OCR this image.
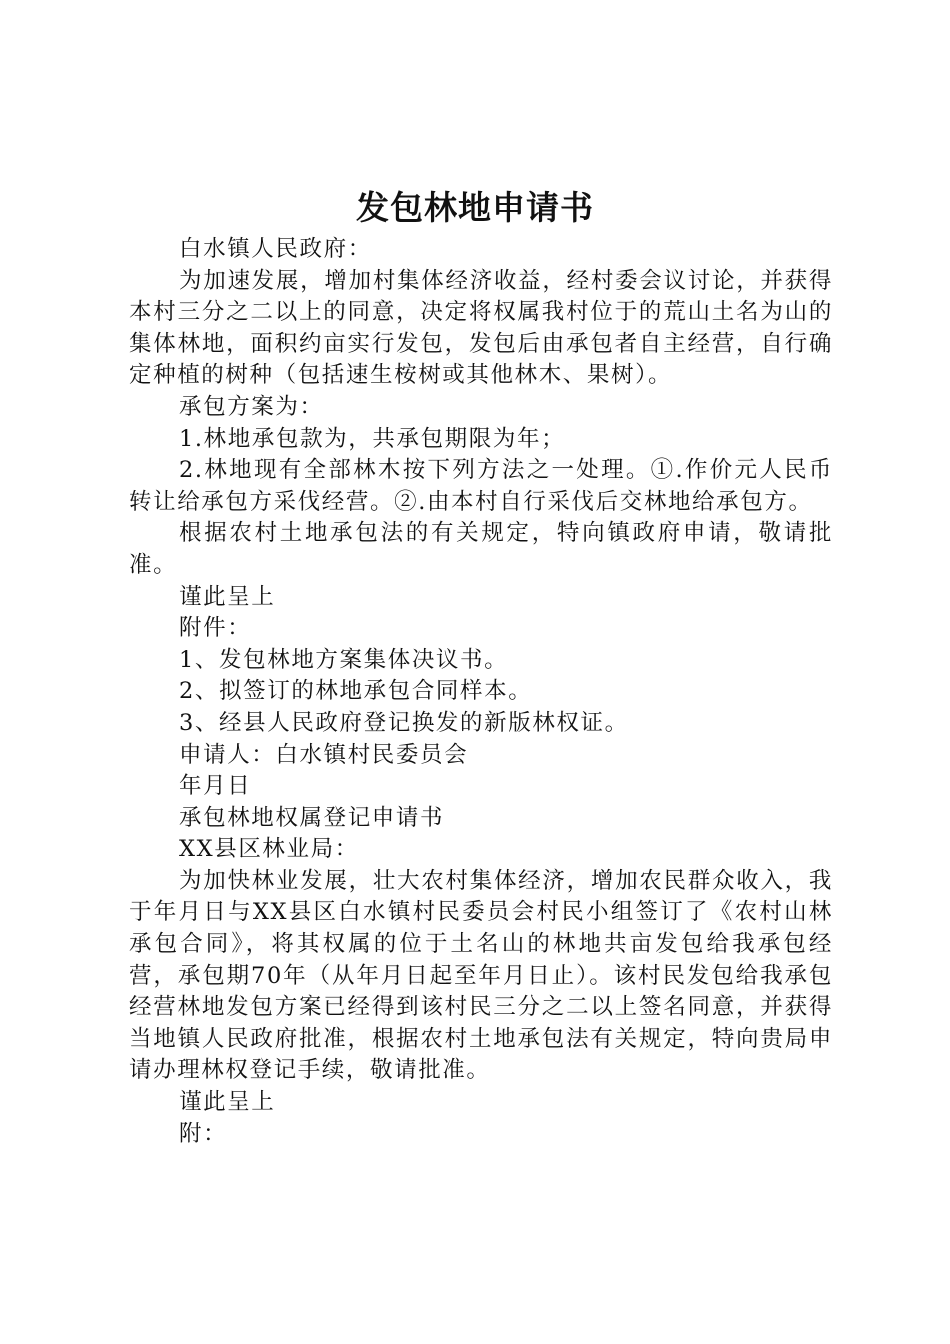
发包林地申请书

白水镇人民政府：

为加速发展，增加村集体经济收益，经村委会议讨论，并获得本村三分之二以上的同意，决定将权属我村位于的荒山土名为山的集体林地，面积约亩实行发包，发包后由承包者自主经营，自行确定种植的树种（包括速生桉树或其他林木、果树）。

承包方案为：

1.林地承包款为，共承包期限为年；

2.林地现有全部林木按下列方法之一处理。①.作价元人民币转让给承包方采伐经营。②.由本村自行采伐后交林地给承包方。

根据农村土地承包法的有关规定，特向镇政府申请，敬请批准。

谨此呈上

附件：

1、发包林地方案集体决议书。

2、拟签订的林地承包合同样本。

3、经县人民政府登记换发的新版林权证。

申请人：白水镇村民委员会

年月日

承包林地权属登记申请书

XX县区林业局：

为加快林业发展，壮大农村集体经济，增加农民群众收入，我于年月日与XX县区白水镇村民委员会村民小组签订了《农村山林承包合同》，将其权属的位于土名山的林地共亩发包给我承包经营，承包期70年（从年月日起至年月日止）。该村民发包给我承包经营林地发包方案已经得到该村民三分之二以上签名同意，并获得当地镇人民政府批准，根据农村土地承包法有关规定，特向贵局申请办理林权登记手续，敬请批准。

谨此呈上

附：
